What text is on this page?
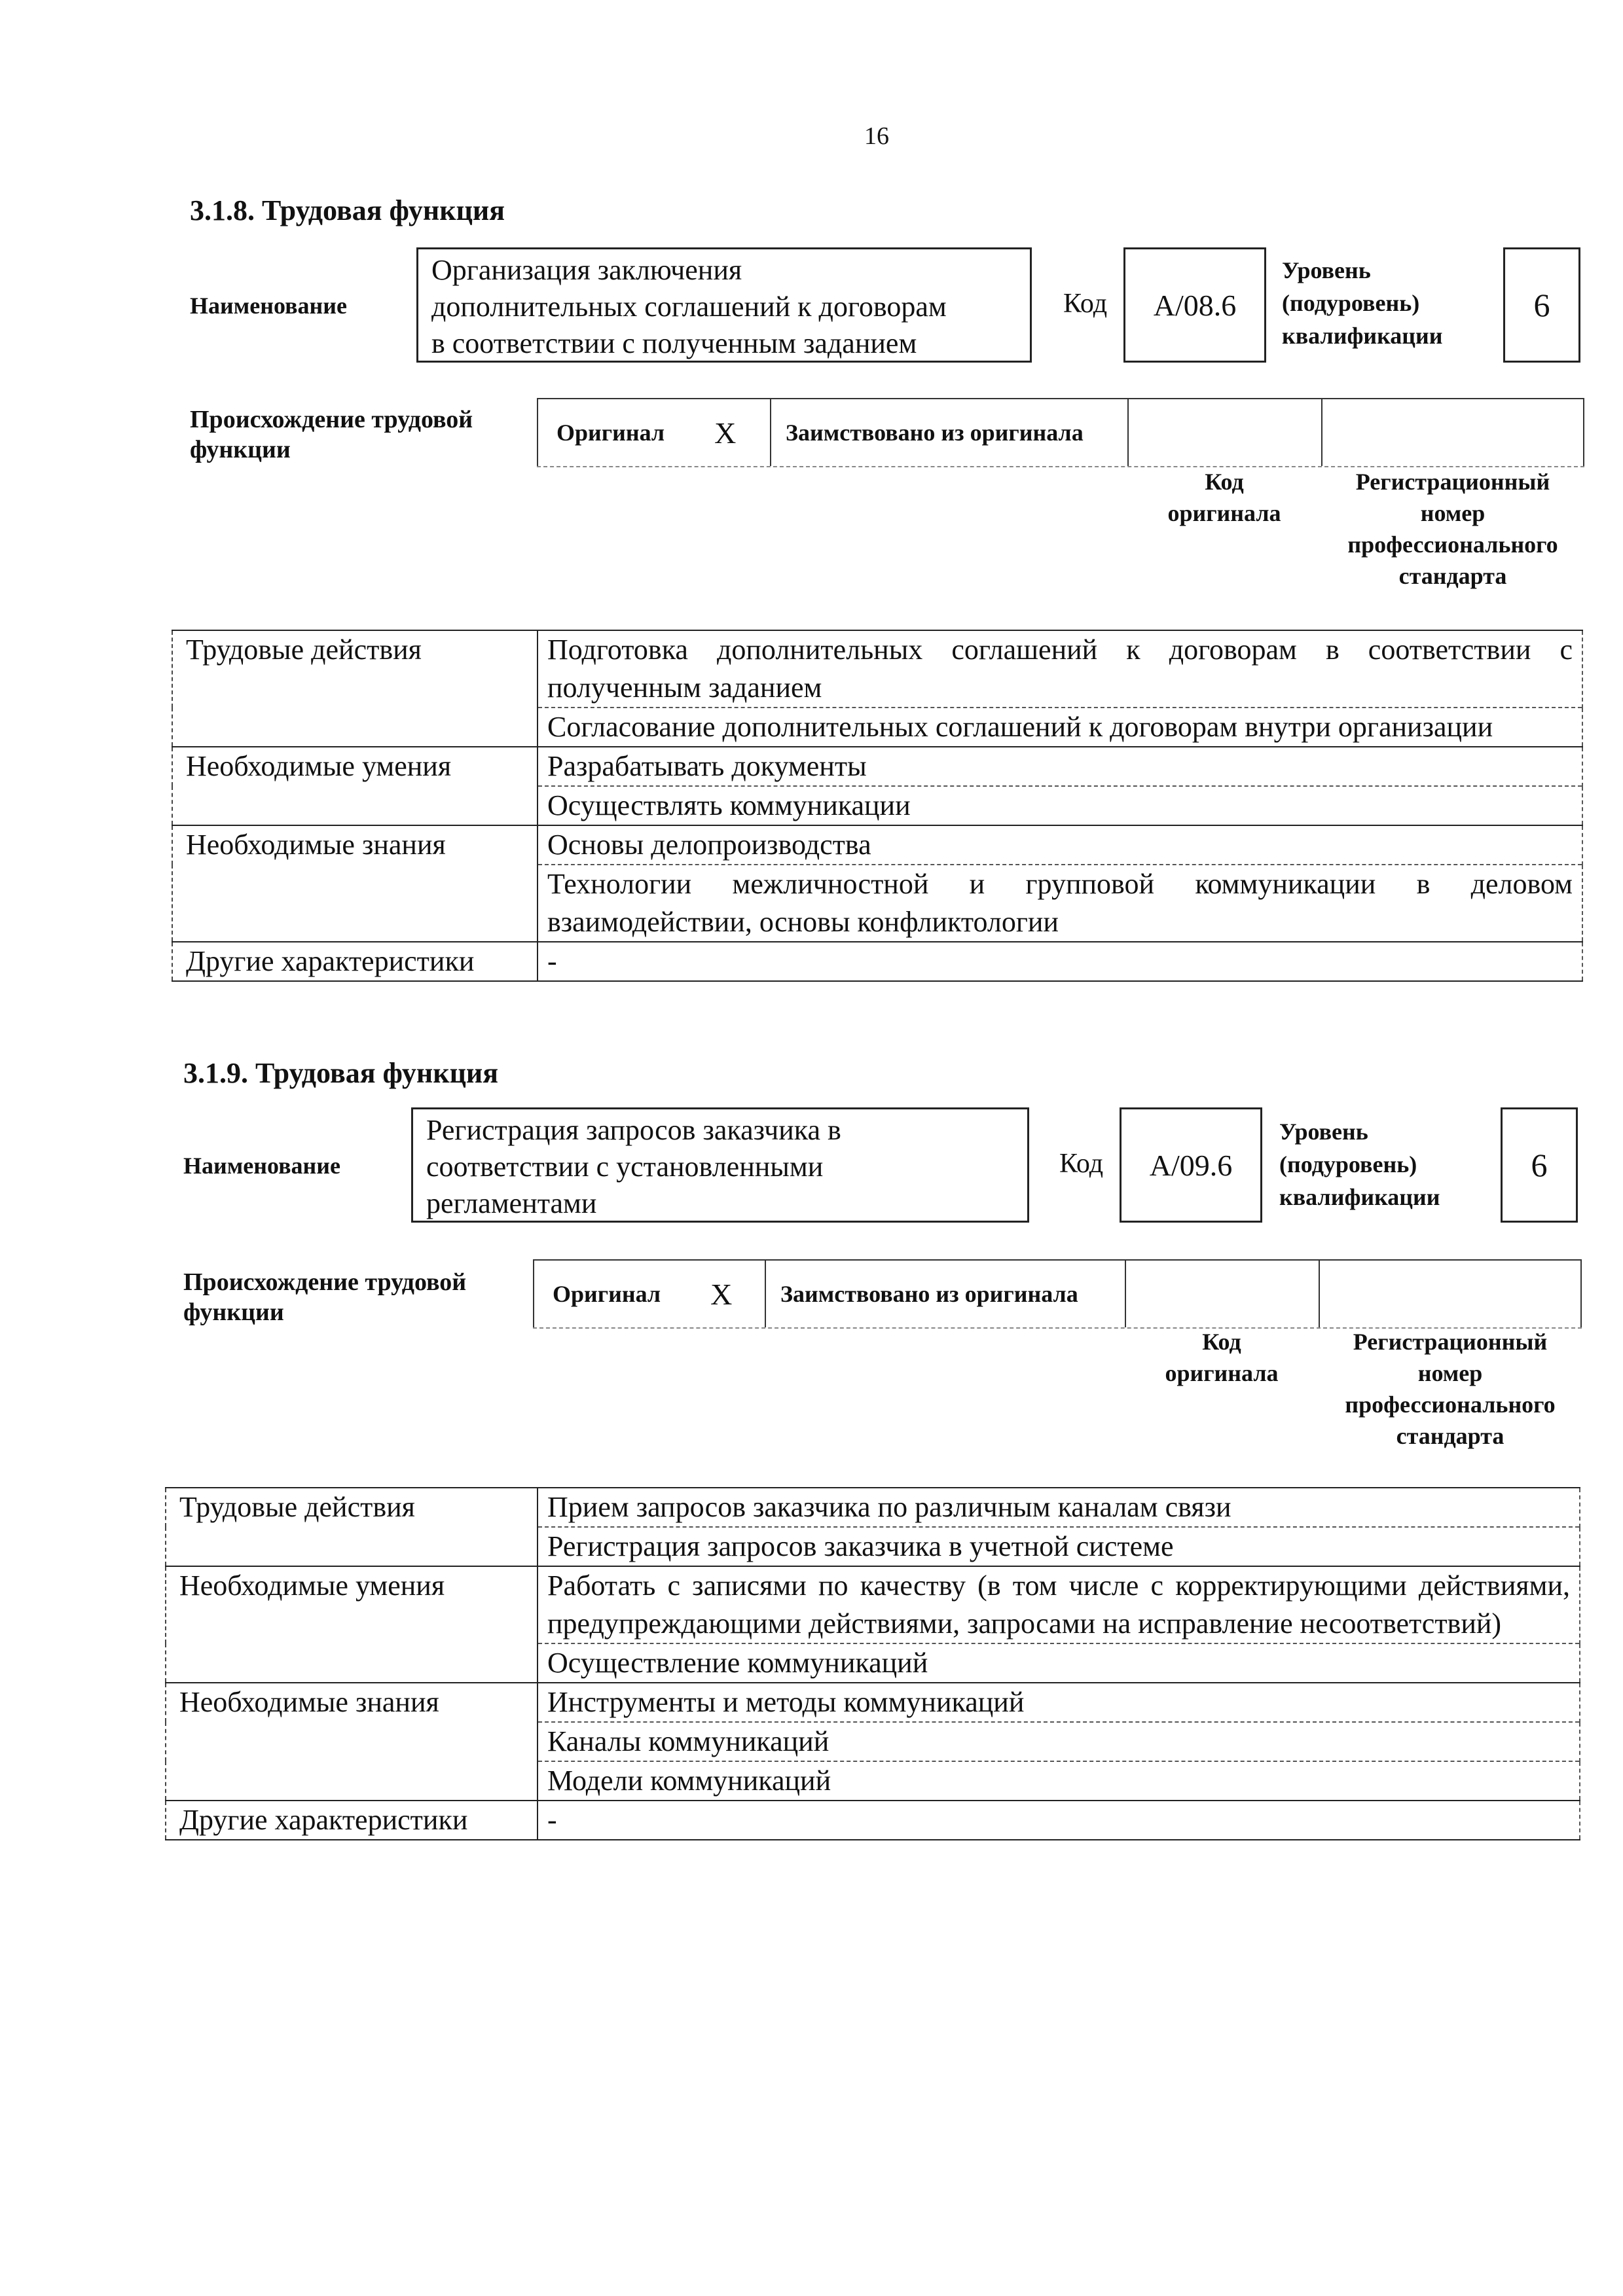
16
3.1.8. Трудовая функция
Наименование
Организация заключения
дополнительных соглашений к договорам
в соответствии с полученным заданием
Код	A/08.6
Уровень
(подуровень)
квалификации
6
Происхождение трудовой
функции
Оригинал X	Заимствовано из оригинала
Код
оригинала
Регистрационный
номер
профессионального
стандарта
Трудовые действия	Подготовка дополнительных соглашений к договорам в соответствии с полученным заданием
	Согласование дополнительных соглашений к договорам внутри организации
Необходимые умения	Разрабатывать документы
	Осуществлять коммуникации
Необходимые знания	Основы делопроизводства
	Технологии межличностной и групповой коммуникации в деловом взаимодействии, основы конфликтологии
Другие характеристики	-
3.1.9. Трудовая функция
Наименование
Регистрация запросов заказчика в
соответствии с установленными
регламентами
Код	A/09.6
Уровень
(подуровень)
квалификации
6
Происхождение трудовой
функции
Оригинал X	Заимствовано из оригинала
Код
оригинала
Регистрационный
номер
профессионального
стандарта
Трудовые действия	Прием запросов заказчика по различным каналам связи
	Регистрация запросов заказчика в учетной системе
Необходимые умения	Работать с записями по качеству (в том числе с корректирующими действиями, предупреждающими действиями, запросами на исправление несоответствий)
	Осуществление коммуникаций
Необходимые знания	Инструменты и методы коммуникаций
	Каналы коммуникаций
	Модели коммуникаций
Другие характеристики	-
